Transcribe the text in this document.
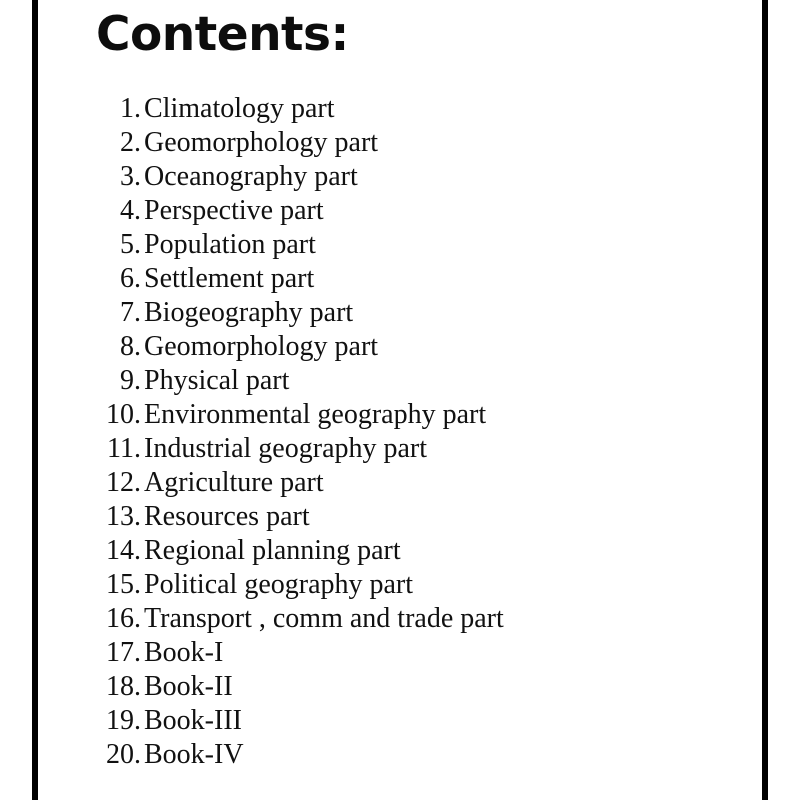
Contents:
1. Climatology part
2. Geomorphology part
3. Oceanography part
4. Perspective part
5. Population part
6. Settlement part
7. Biogeography part
8. Geomorphology part
9. Physical part
10. Environmental geography part
11. Industrial geography part
12. Agriculture part
13. Resources part
14. Regional planning part
15. Political geography part
16. Transport , comm and trade part
17. Book-I
18. Book-II
19. Book-III
20. Book-IV
